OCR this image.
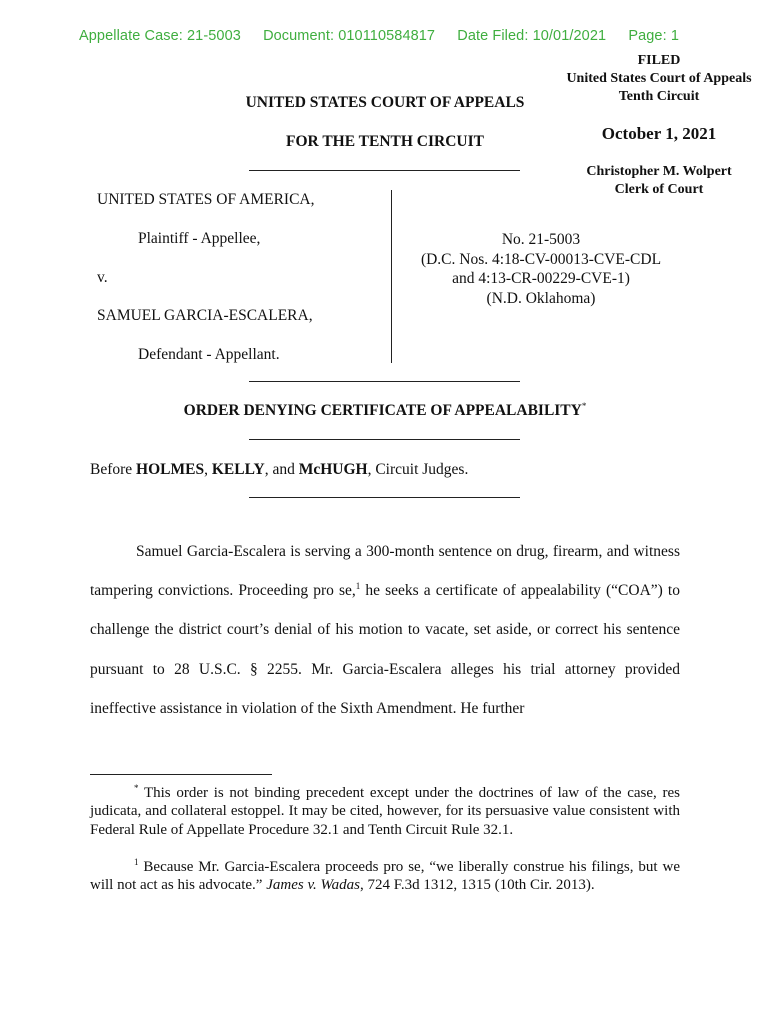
Appellate Case: 21-5003 Document: 010110584817 Date Filed: 10/01/2021 Page: 1
FILED
United States Court of Appeals
Tenth Circuit
October 1, 2021
Christopher M. Wolpert
Clerk of Court
UNITED STATES COURT OF APPEALS
FOR THE TENTH CIRCUIT
UNITED STATES OF AMERICA,
Plaintiff - Appellee,
v.
SAMUEL GARCIA-ESCALERA,
Defendant - Appellant.
No. 21-5003
(D.C. Nos. 4:18-CV-00013-CVE-CDL
and 4:13-CR-00229-CVE-1)
(N.D. Oklahoma)
ORDER DENYING CERTIFICATE OF APPEALABILITY*
Before HOLMES, KELLY, and McHUGH, Circuit Judges.

Samuel Garcia-Escalera is serving a 300-month sentence on drug, firearm, and witness tampering convictions. Proceeding pro se,$^1$ he seeks a certificate of appealability (“COA”) to challenge the district court’s denial of his motion to vacate, set aside, or correct his sentence pursuant to 28 U.S.C. § 2255. Mr. Garcia-Escalera alleges his trial attorney provided ineffective assistance in violation of the Sixth Amendment. He further

* This order is not binding precedent except under the doctrines of law of the case, res judicata, and collateral estoppel. It may be cited, however, for its persuasive value consistent with Federal Rule of Appellate Procedure 32.1 and Tenth Circuit Rule 32.1.
$^1$ Because Mr. Garcia-Escalera proceeds pro se, “we liberally construe his filings, but we will not act as his advocate.” James v. Wadas, 724 F.3d 1312, 1315 (10th Cir. 2013).
